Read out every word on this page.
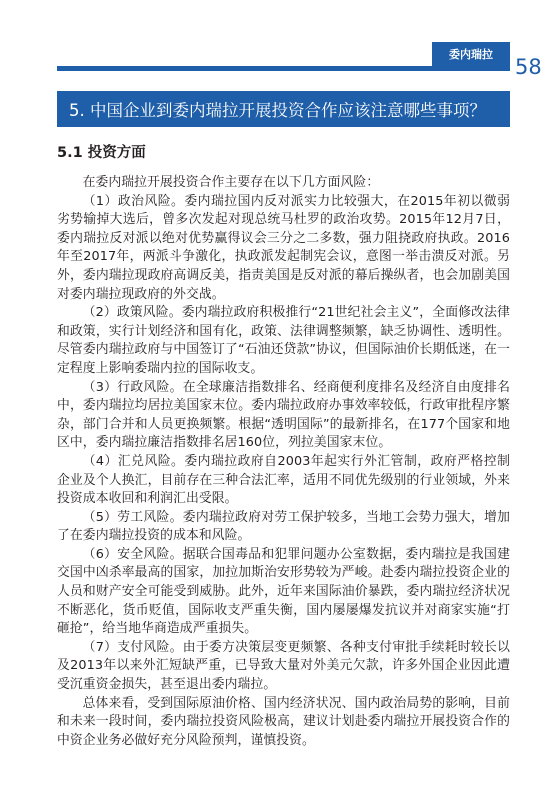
委内瑞拉
58
5. 中国企业到委内瑞拉开展投资合作应该注意哪些事项？
5.1 投资方面

在委内瑞拉开展投资合作主要存在以下几方面风险：

（1）政治风险。委内瑞拉国内反对派实力比较强大，在2015年初以微弱劣势输掉大选后，曾多次发起对现总统马杜罗的政治攻势。2015年12月7日，委内瑞拉反对派以绝对优势赢得议会三分之二多数，强力阻挠政府执政。2016年至2017年，两派斗争激化，执政派发起制宪会议，意图一举击溃反对派。另外，委内瑞拉现政府高调反美，指责美国是反对派的幕后操纵者，也会加剧美国对委内瑞拉现政府的外交战。

（2）政策风险。委内瑞拉政府积极推行“21世纪社会主义”，全面修改法律和政策，实行计划经济和国有化，政策、法律调整频繁，缺乏协调性、透明性。尽管委内瑞拉政府与中国签订了“石油还贷款”协议，但国际油价长期低迷，在一定程度上影响委瑞内拉的国际收支。

（3）行政风险。在全球廉洁指数排名、经商便利度排名及经济自由度排名中，委内瑞拉均居拉美国家末位。委内瑞拉政府办事效率较低，行政审批程序繁杂，部门合并和人员更换频繁。根据“透明国际”的最新排名，在177个国家和地区中，委内瑞拉廉洁指数排名居160位，列拉美国家末位。

（4）汇兑风险。委内瑞拉政府自2003年起实行外汇管制，政府严格控制企业及个人换汇，目前存在三种合法汇率，适用不同优先级别的行业领域，外来投资成本收回和利润汇出受限。

（5）劳工风险。委内瑞拉政府对劳工保护较多，当地工会势力强大，增加了在委内瑞拉投资的成本和风险。

（6）安全风险。据联合国毒品和犯罪问题办公室数据，委内瑞拉是我国建交国中凶杀率最高的国家，加拉加斯治安形势较为严峻。赴委内瑞拉投资企业的人员和财产安全可能受到威胁。此外，近年来国际油价暴跌，委内瑞拉经济状况不断恶化，货币贬值，国际收支严重失衡，国内屡屡爆发抗议并对商家实施“打砸抢”，给当地华商造成严重损失。

（7）支付风险。由于委方决策层变更频繁、各种支付审批手续耗时较长以及2013年以来外汇短缺严重，已导致大量对外美元欠款，许多外国企业因此遭受沉重资金损失，甚至退出委内瑞拉。

总体来看，受到国际原油价格、国内经济状况、国内政治局势的影响，目前和未来一段时间，委内瑞拉投资风险极高，建议计划赴委内瑞拉开展投资合作的中资企业务必做好充分风险预判，谨慎投资。
